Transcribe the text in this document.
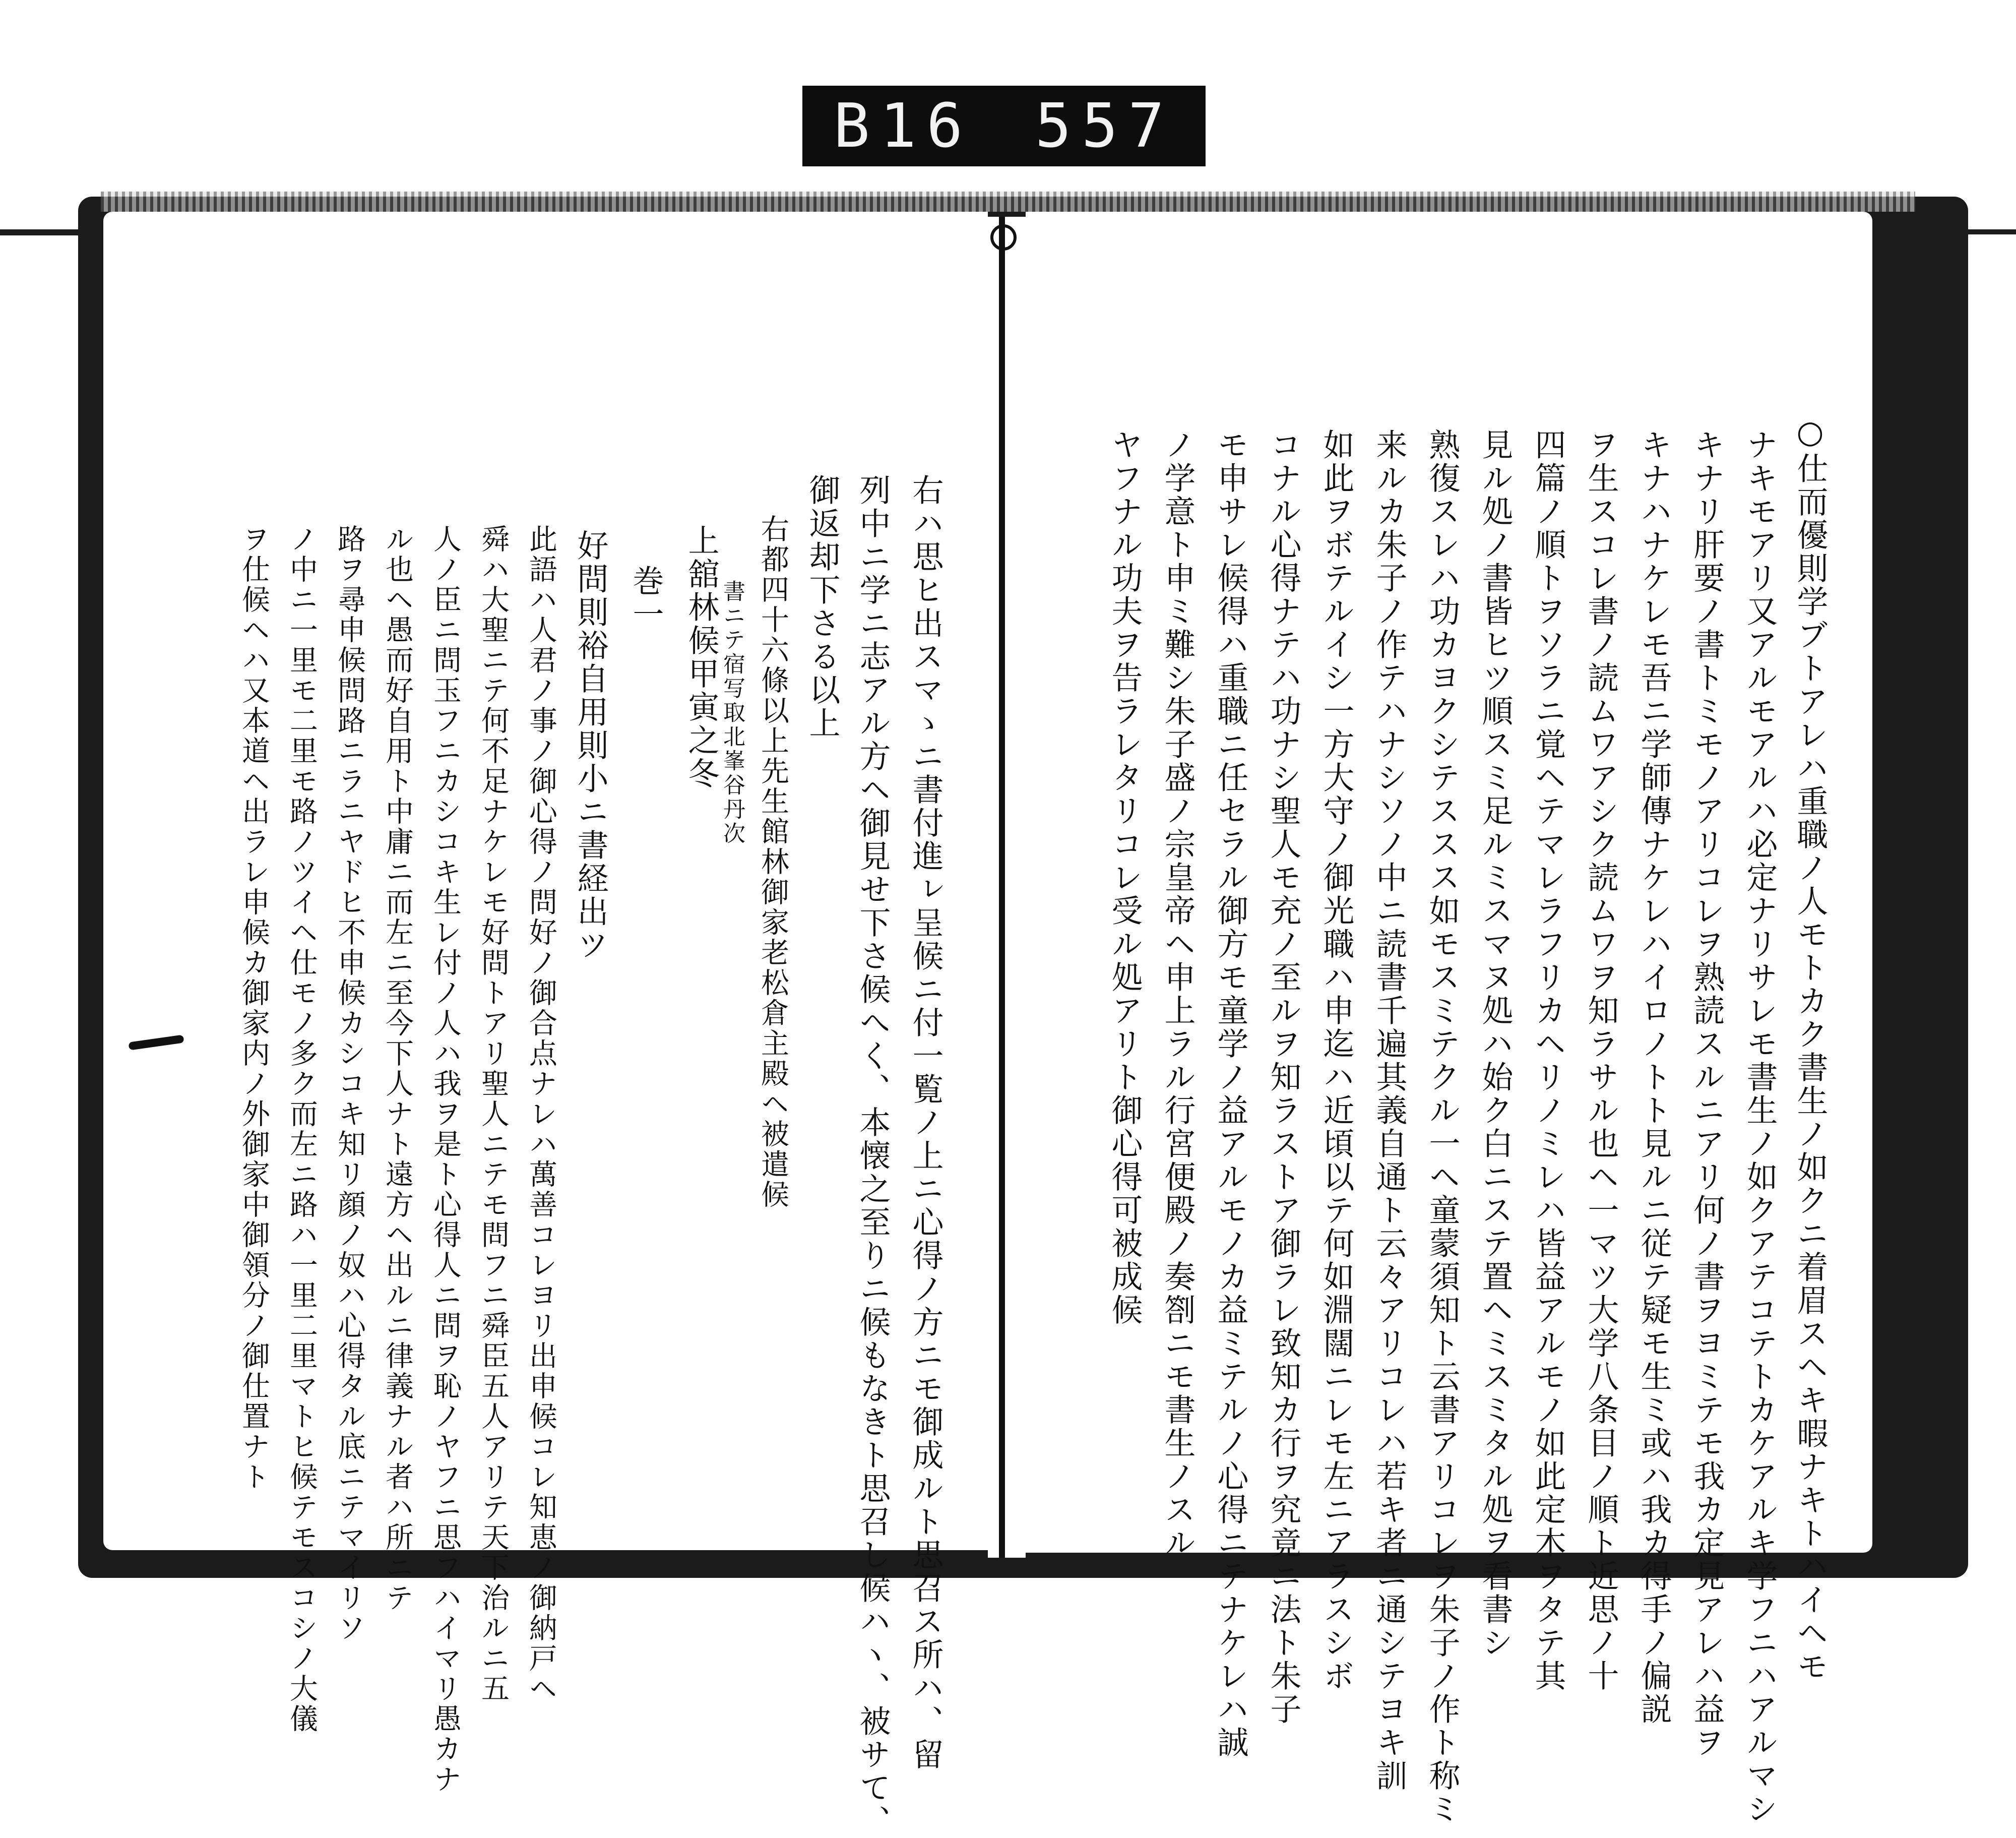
B16 557
○仕而優則学ブトアレハ重職ノ人モトカク書生ノ如クニ着眉スヘキ暇ナキトハイヘモ
ナキモアリ又アルモアルハ必定ナリサレモ書生ノ如クアテコテトカケアルキ学フニハアルマシ
キナリ肝要ノ書トミモノアリコレヲ熟読スルニアリ何ノ書ヲヨミテモ我カ定見アレハ益ヲ
キナハナケレモ吾ニ学師傳ナケレハイロノトト見ルニ従テ疑モ生ミ或ハ我カ得手ノ偏説
ヲ生スコレ書ノ読ムワアシク読ムワヲ知ラサル也ヘ一マツ大学八条目ノ順ト近思ノ十
四篇ノ順トヲソラニ覚ヘテマレラフリカヘリノミレハ皆益アルモノ如此定木ヲタテ其
見ル処ノ書皆ヒツ順スミ足ルミスマヌ処ハ始ク白ニステ置ヘミスミタル処ヲ看書シ
熟復スレハ功カヨクシテススス如モスミテクル一ヘ童蒙須知ト云書アリコレヲ朱子ノ作ト称ミ
来ルカ朱子ノ作テハナシソノ中ニ読書千遍其義自通ト云々アリコレハ若キ者ニ通シテヨキ訓
如此ヲボテルイシ一方大守ノ御光職ハ申迄ハ近頃以テ何如淵闊ニレモ左ニアラスシボ
コナル心得ナテハ功ナシ聖人モ充ノ至ルヲ知ラストア御ラレ致知カ行ヲ究竟ニ法ト朱子
モ申サレ候得ハ重職ニ任セラル御方モ童学ノ益アルモノカ益ミテルノ心得ニテナケレハ誠
ノ学意ト申ミ難シ朱子盛ノ宗皇帝ヘ申上ラル行宮便殿ノ奏劄ニモ書生ノスル
ヤフナル功夫ヲ告ラレタリコレ受ル処アリト御心得可被成候
右ハ思ヒ出スマゝニ書付進ㇾ呈候ニ付一覧ノ上ニ心得ノ方ニモ御成ルト思召ス所ハ、留
列中ニ学ニ志アル方ヘ御見せ下さ候へく、本懐之至りニ候もなきト思召し候ハヽ、被サて、
御返却下さる以上
右都四十六條以上先生館林御家老松倉主殿ヘ被遣候
書ニテ宿写取北峯谷丹次
上舘林候甲寅之冬
巻一
好問則裕自用則小ニ書経出ツ
此語ハ人君ノ事ノ御心得ノ問好ノ御合点ナレハ萬善コレヨリ出申候コレ知恵ノ御納戸ヘ
舜ハ大聖ニテ何不足ナケレモ好問トアリ聖人ニテモ問フニ舜臣五人アリテ天下治ルニ五
人ノ臣ニ問玉フニカシコキ生レ付ノ人ハ我ヲ是ト心得人ニ問ヲ恥ノヤフニ思フハイマリ愚カナ
ル也ヘ愚而好自用ト中庸ニ而左ニ至今下人ナト遠方ヘ出ルニ律義ナル者ハ所ニテ
路ヲ尋申候問路ニラニヤドヒ不申候カシコキ知リ顔ノ奴ハ心得タル底ニテマイリソ
ノ中ニ一里モ二里モ路ノツイヘ仕モノ多ク而左ニ路ハ一里二里マトヒ候テモスコシノ大儀
ヲ仕候ヘハ又本道ヘ出ラレ申候カ御家内ノ外御家中御領分ノ御仕置ナト
